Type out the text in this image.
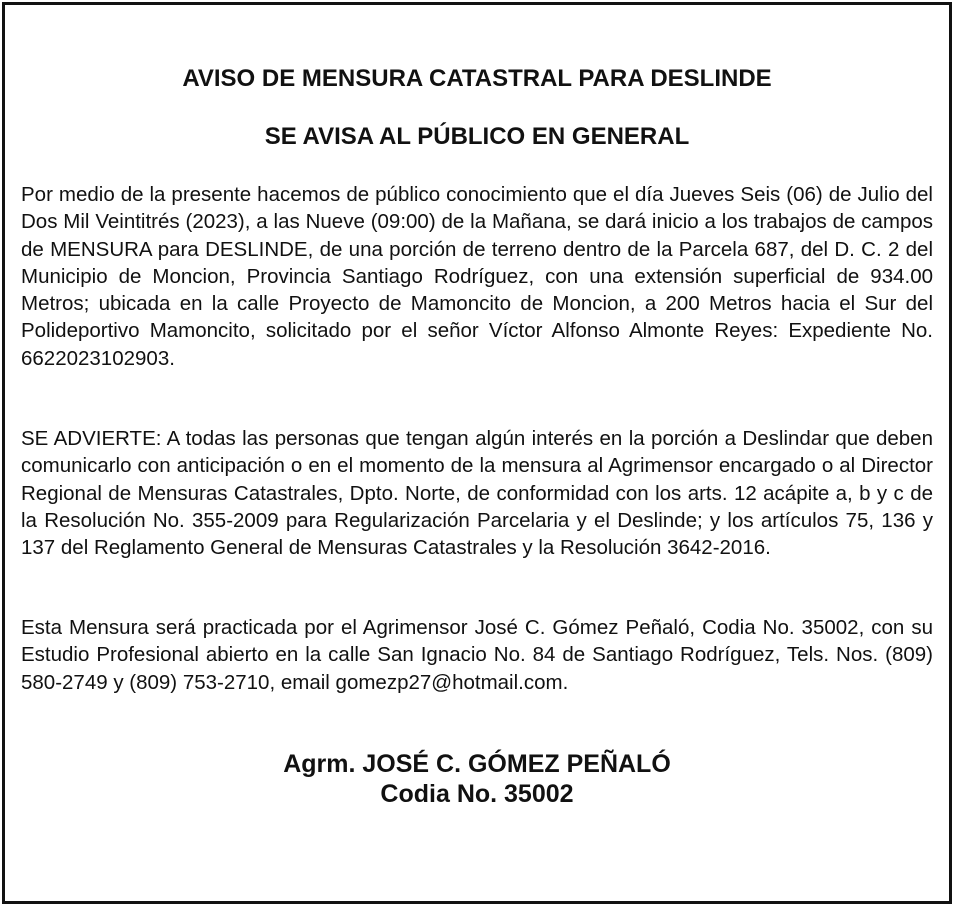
AVISO DE MENSURA CATASTRAL PARA DESLINDE
SE AVISA AL PÚBLICO EN GENERAL

Por medio de la presente hacemos de público conocimiento que el día Jueves Seis (06) de Julio del Dos Mil Veintitrés (2023), a las Nueve (09:00) de la Mañana, se dará inicio a los trabajos de campos de MENSURA para DESLINDE, de una porción de terreno dentro de la Parcela 687, del D. C. 2 del Municipio de Moncion, Provincia Santiago Rodríguez, con una extensión superficial de 934.00 Metros; ubicada en la calle Proyecto de Mamoncito de Moncion, a 200 Metros hacia el Sur del Polideportivo Mamoncito, solicitado por el señor Víctor Alfonso Almonte Reyes: Expediente No. 6622023102903.

SE ADVIERTE: A todas las personas que tengan algún interés en la porción a Deslindar que deben comunicarlo con anticipación o en el momento de la mensura al Agrimensor encargado o al Director Regional de Mensuras Catastrales, Dpto. Norte, de conformidad con los arts. 12 acápite a, b y c de la Resolución No. 355-2009 para Regularización Parcelaria y el Deslinde; y los artículos 75, 136 y 137 del Reglamento General de Mensuras Catastrales y la Resolución 3642-2016.

Esta Mensura será practicada por el Agrimensor José C. Gómez Peñaló, Codia No. 35002, con su Estudio Profesional abierto en la calle San Ignacio No. 84 de Santiago Rodríguez, Tels. Nos. (809) 580-2749 y (809) 753-2710, email gomezp27@hotmail.com.

Agrm. JOSÉ C. GÓMEZ PEÑALÓ
Codia No. 35002
